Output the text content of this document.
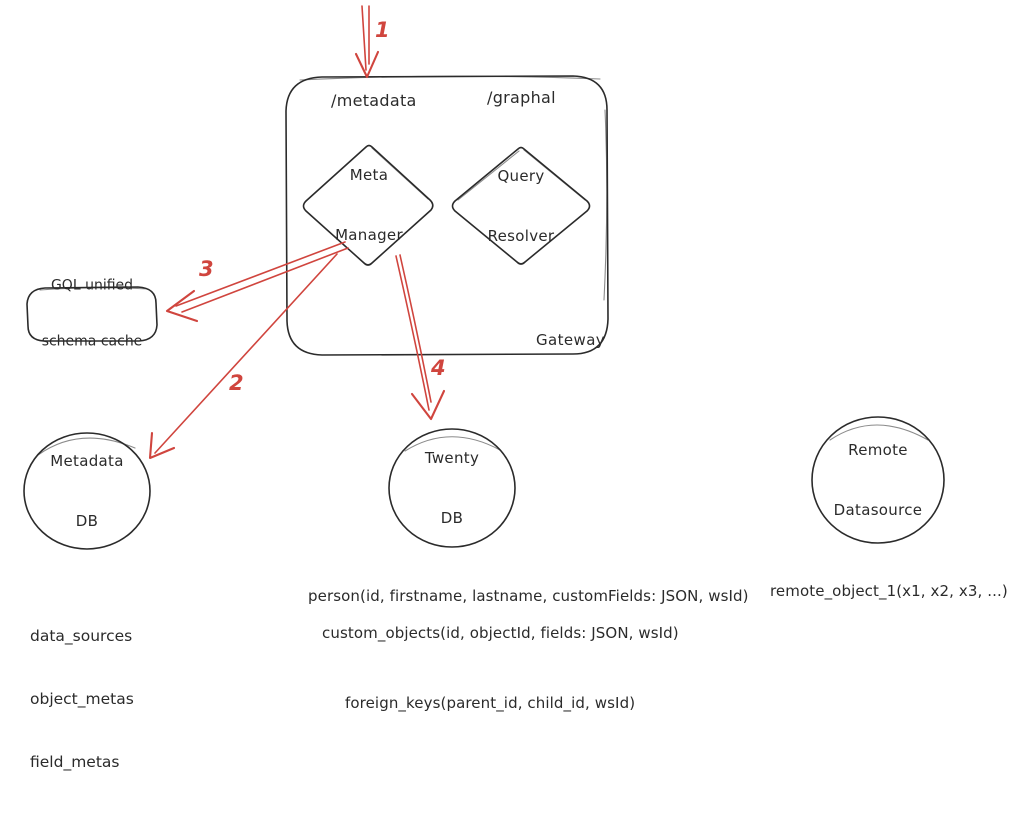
1
2
3
4
/metadata	/graphal

Meta

Manager

Query

Resolver

Gateway

GQL unified

schema cache

Metadata

DB

Twenty

DB

Remote

Datasource

data_sources

object_metas

field_metas

person(id, firstname, lastname, customFields: JSON, wsId)
custom_objects(id, objectId, fields: JSON, wsId)
foreign_keys(parent_id, child_id, wsId)
remote_object_1(x1, x2, x3, ...)
